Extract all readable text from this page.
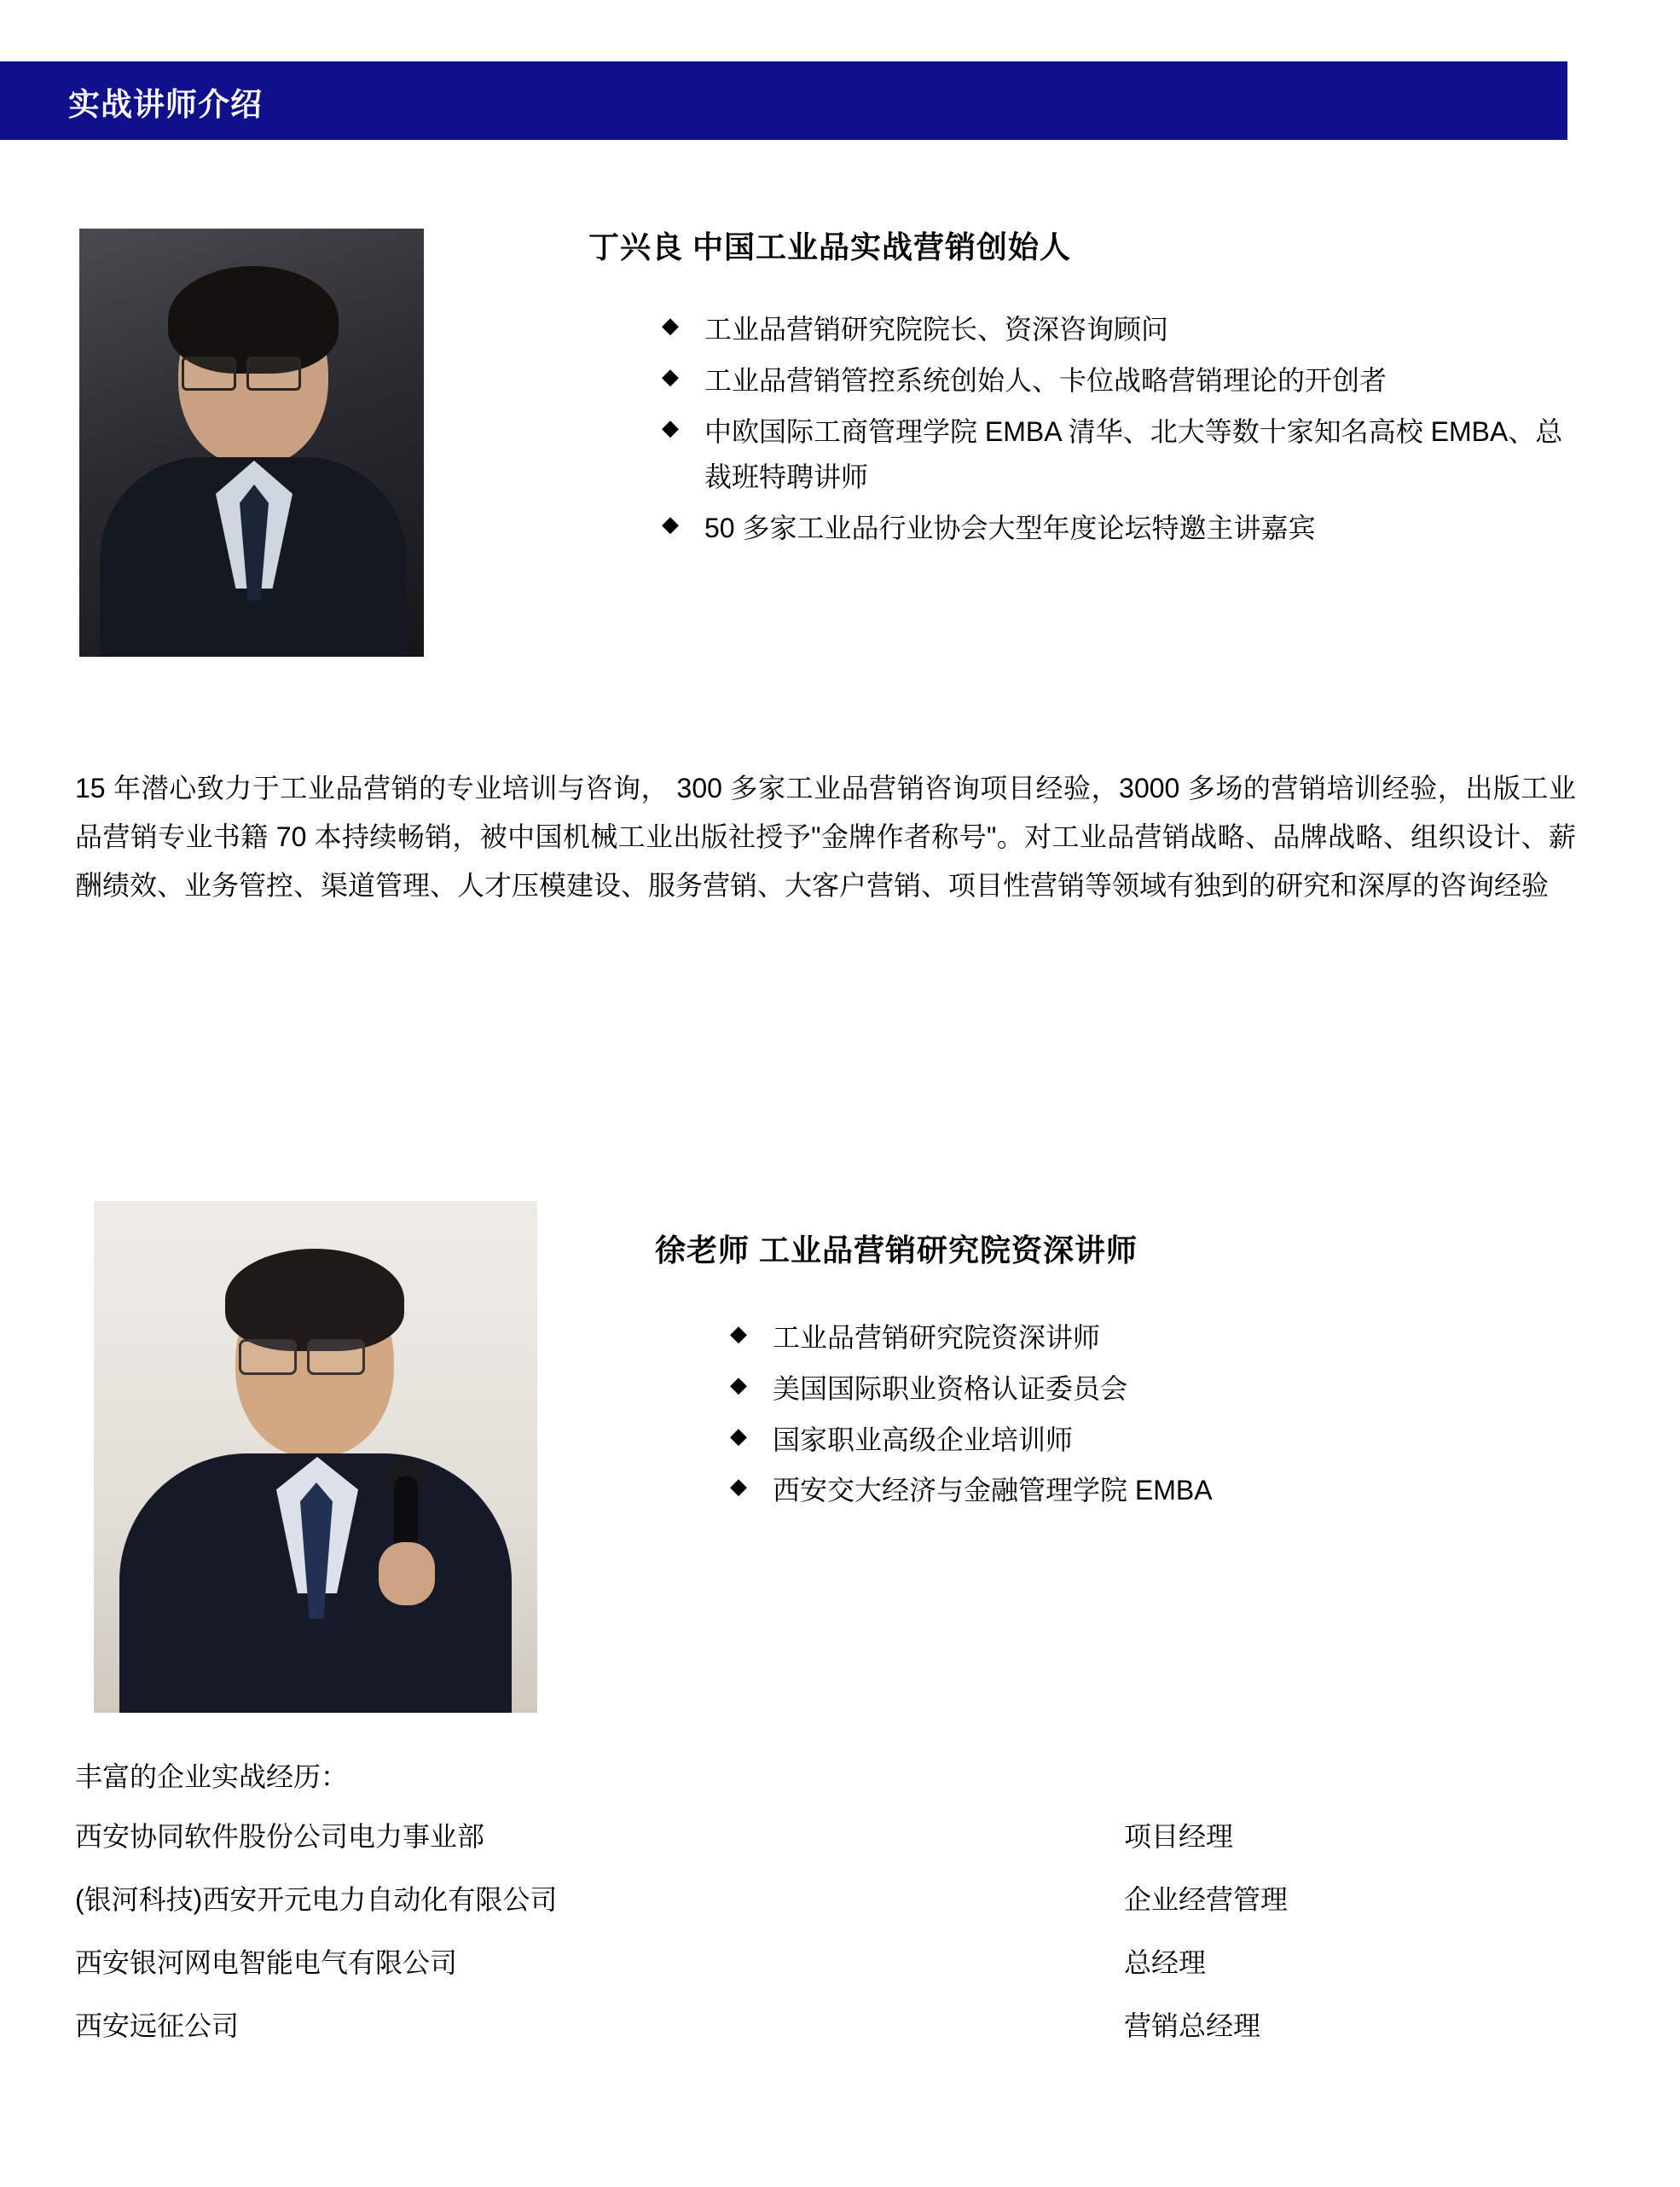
实战讲师介绍
丁兴良 中国工业品实战营销创始人
◆ 工业品营销研究院院长、资深咨询顾问
◆ 工业品营销管控系统创始人、卡位战略营销理论的开创者
◆ 中欧国际工商管理学院 EMBA 清华、北大等数十家知名高校 EMBA、总裁班特聘讲师
◆ 50 多家工业品行业协会大型年度论坛特邀主讲嘉宾
15 年潜心致力于工业品营销的专业培训与咨询， 300 多家工业品营销咨询项目经验，3000 多场的营销培训经验，出版工业品营销专业书籍 70 本持续畅销，被中国机械工业出版社授予"金牌作者称号"。对工业品营销战略、品牌战略、组织设计、薪酬绩效、业务管控、渠道管理、人才压模建设、服务营销、大客户营销、项目性营销等领域有独到的研究和深厚的咨询经验
徐老师 工业品营销研究院资深讲师
◆ 工业品营销研究院资深讲师
◆ 美国国际职业资格认证委员会
◆ 国家职业高级企业培训师
◆ 西安交大经济与金融管理学院 EMBA
丰富的企业实战经历：
西安协同软件股份公司电力事业部	项目经理
(银河科技)西安开元电力自动化有限公司	企业经营管理
西安银河网电智能电气有限公司	总经理
西安远征公司	营销总经理
